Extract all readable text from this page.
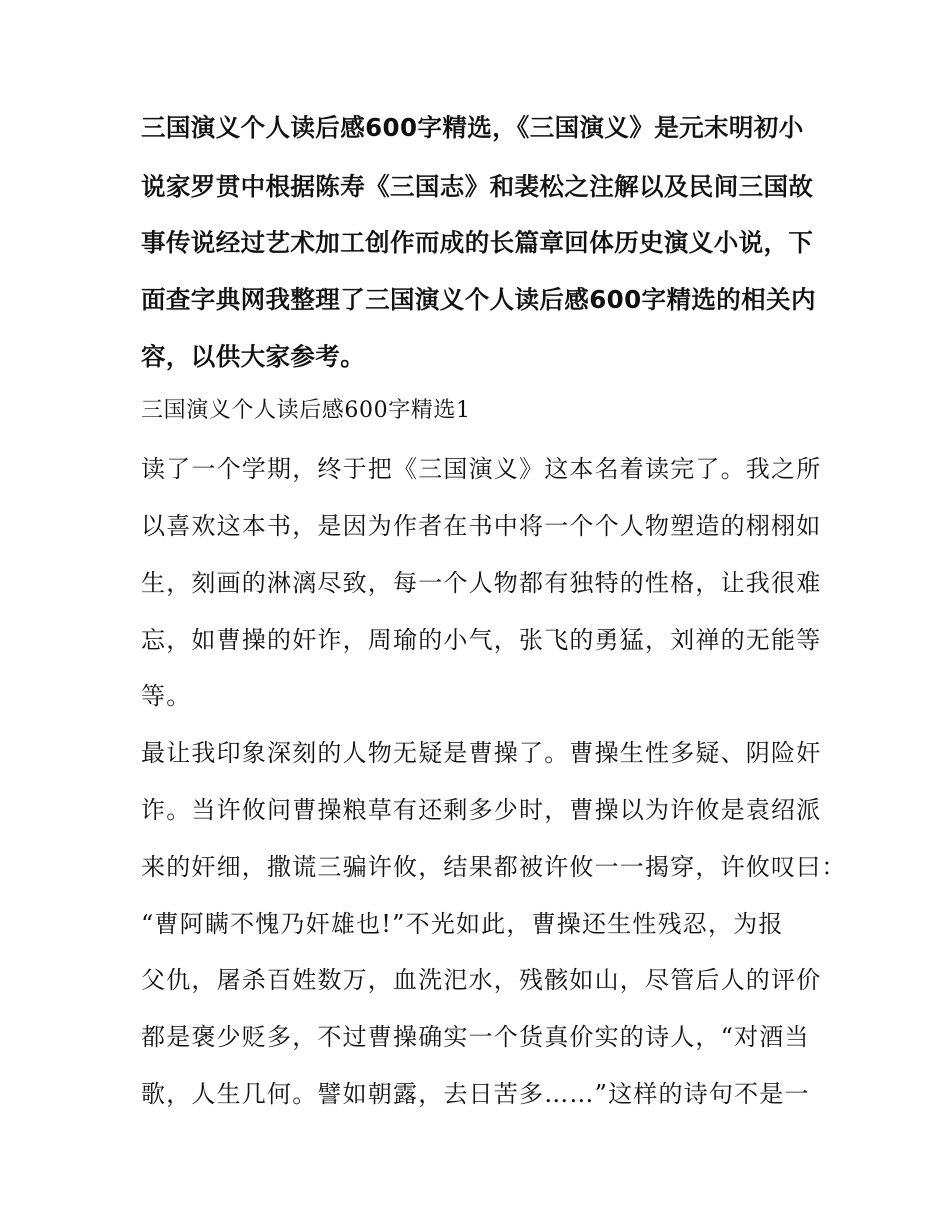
三国演义个人读后感600字精选，《三国演义》是元末明初小

说家罗贯中根据陈寿《三国志》和裴松之注解以及民间三国故

事传说经过艺术加工创作而成的长篇章回体历史演义小说，下

面查字典网我整理了三国演义个人读后感600字精选的相关内

容，以供大家参考。

三国演义个人读后感600字精选1

读了一个学期，终于把《三国演义》这本名着读完了。我之所

以喜欢这本书，是因为作者在书中将一个个人物塑造的栩栩如

生，刻画的淋漓尽致，每一个人物都有独特的性格，让我很难

忘，如曹操的奸诈，周瑜的小气，张飞的勇猛，刘禅的无能等

等。

最让我印象深刻的人物无疑是曹操了。曹操生性多疑、阴险奸

诈。当许攸问曹操粮草有还剩多少时，曹操以为许攸是袁绍派

来的奸细，撒谎三骗许攸，结果都被许攸一一揭穿，许攸叹曰：

“曹阿瞒不愧乃奸雄也!”不光如此，曹操还生性残忍，为报

父仇，屠杀百姓数万，血洗汜水，残骸如山，尽管后人的评价

都是褒少贬多，不过曹操确实一个货真价实的诗人，“对酒当

歌，人生几何。譬如朝露，去日苦多……”这样的诗句不是一
